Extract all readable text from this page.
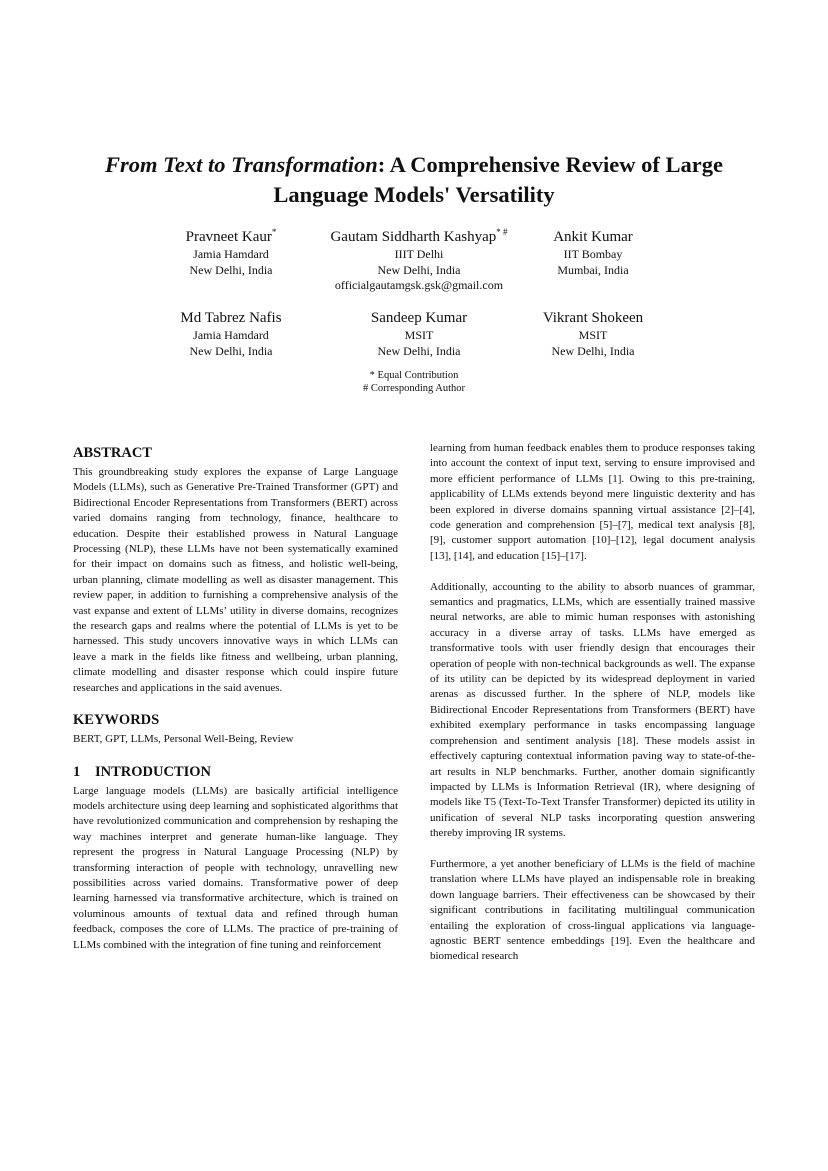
From Text to Transformation: A Comprehensive Review of Large Language Models' Versatility
Pravneet Kaur*
Jamia Hamdard
New Delhi, India
Gautam Siddharth Kashyap* #
IIIT Delhi
New Delhi, India
officialgautamgsk.gsk@gmail.com
Ankit Kumar
IIT Bombay
Mumbai, India
Md Tabrez Nafis
Jamia Hamdard
New Delhi, India
Sandeep Kumar
MSIT
New Delhi, India
Vikrant Shokeen
MSIT
New Delhi, India
* Equal Contribution
# Corresponding Author
ABSTRACT

This groundbreaking study explores the expanse of Large Language Models (LLMs), such as Generative Pre-Trained Transformer (GPT) and Bidirectional Encoder Representations from Transformers (BERT) across varied domains ranging from technology, finance, healthcare to education. Despite their established prowess in Natural Language Processing (NLP), these LLMs have not been systematically examined for their impact on domains such as fitness, and holistic well-being, urban planning, climate modelling as well as disaster management. This review paper, in addition to furnishing a comprehensive analysis of the vast expanse and extent of LLMs’ utility in diverse domains, recognizes the research gaps and realms where the potential of LLMs is yet to be harnessed. This study uncovers innovative ways in which LLMs can leave a mark in the fields like fitness and wellbeing, urban planning, climate modelling and disaster response which could inspire future researches and applications in the said avenues.

KEYWORDS

BERT, GPT, LLMs, Personal Well-Being, Review

1 INTRODUCTION

Large language models (LLMs) are basically artificial intelligence models architecture using deep learning and sophisticated algorithms that have revolutionized communication and comprehension by reshaping the way machines interpret and generate human-like language. They represent the progress in Natural Language Processing (NLP) by transforming interaction of people with technology, unravelling new possibilities across varied domains. Transformative power of deep learning harnessed via transformative architecture, which is trained on voluminous amounts of textual data and refined through human feedback, composes the core of LLMs. The practice of pre-training of LLMs combined with the integration of fine tuning and reinforcement

learning from human feedback enables them to produce responses taking into account the context of input text, serving to ensure improvised and more efficient performance of LLMs [1]. Owing to this pre-training, applicability of LLMs extends beyond mere linguistic dexterity and has been explored in diverse domains spanning virtual assistance [2]–[4], code generation and comprehension [5]–[7], medical text analysis [8], [9], customer support automation [10]–[12], legal document analysis [13], [14], and education [15]–[17].

Additionally, accounting to the ability to absorb nuances of grammar, semantics and pragmatics, LLMs, which are essentially trained massive neural networks, are able to mimic human responses with astonishing accuracy in a diverse array of tasks. LLMs have emerged as transformative tools with user friendly design that encourages their operation of people with non-technical backgrounds as well. The expanse of its utility can be depicted by its widespread deployment in varied arenas as discussed further. In the sphere of NLP, models like Bidirectional Encoder Representations from Transformers (BERT) have exhibited exemplary performance in tasks encompassing language comprehension and sentiment analysis [18]. These models assist in effectively capturing contextual information paving way to state-of-the-art results in NLP benchmarks. Further, another domain significantly impacted by LLMs is Information Retrieval (IR), where designing of models like T5 (Text-To-Text Transfer Transformer) depicted its utility in unification of several NLP tasks incorporating question answering thereby improving IR systems.

Furthermore, a yet another beneficiary of LLMs is the field of machine translation where LLMs have played an indispensable role in breaking down language barriers. Their effectiveness can be showcased by their significant contributions in facilitating multilingual communication entailing the exploration of cross-lingual applications via language-agnostic BERT sentence embeddings [19]. Even the healthcare and biomedical research
